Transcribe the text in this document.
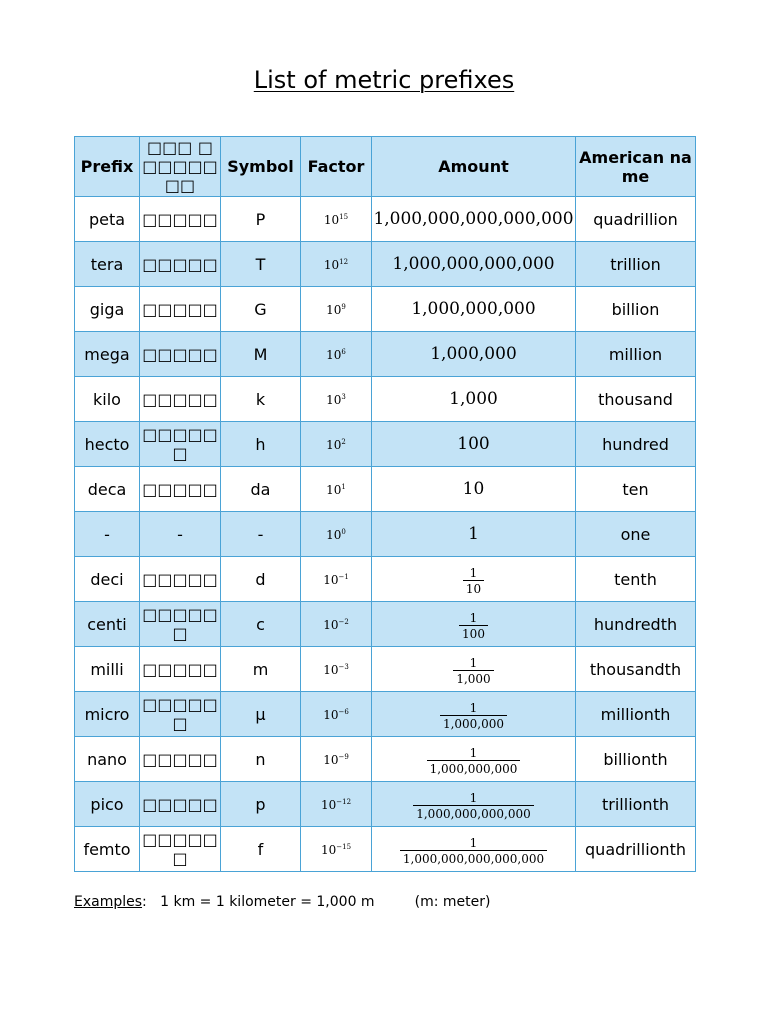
List of metric prefixes
Prefix	□□□ □□□□□□□□	Symbol	Factor	Amount	American name
peta	□□□□□	P	$10^{15}$	1,000,000,000,000,000	quadrillion
tera	□□□□□	T	$10^{12}$	1,000,000,000,000	trillion
giga	□□□□□	G	$10^9$	1,000,000,000	billion
mega	□□□□□	M	$10^6$	1,000,000	million
kilo	□□□□□	k	$10^3$	1,000	thousand
hecto	□□□□□□	h	$10^2$	100	hundred
deca	□□□□□	da	$10^1$	10	ten
-	-	-	$10^0$	1	one
deci	□□□□□	d	$10^{-1}$	$\frac{1}{10}$	tenth
centi	□□□□□□	c	$10^{-2}$	$\frac{1}{100}$	hundredth
milli	□□□□□	m	$10^{-3}$	$\frac{1}{1,000}$	thousandth
micro	□□□□□□	µ	$10^{-6}$	$\frac{1}{1,000,000}$	millionth
nano	□□□□□	n	$10^{-9}$	$\frac{1}{1,000,000,000}$	billionth
pico	□□□□□	p	$10^{-12}$	$\frac{1}{1,000,000,000,000}$	trillionth
femto	□□□□□□	f	$10^{-15}$	$\frac{1}{1,000,000,000,000,000}$	quadrillionth
Examples: 1 km = 1 kilometer = 1,000 m	(m: meter)
